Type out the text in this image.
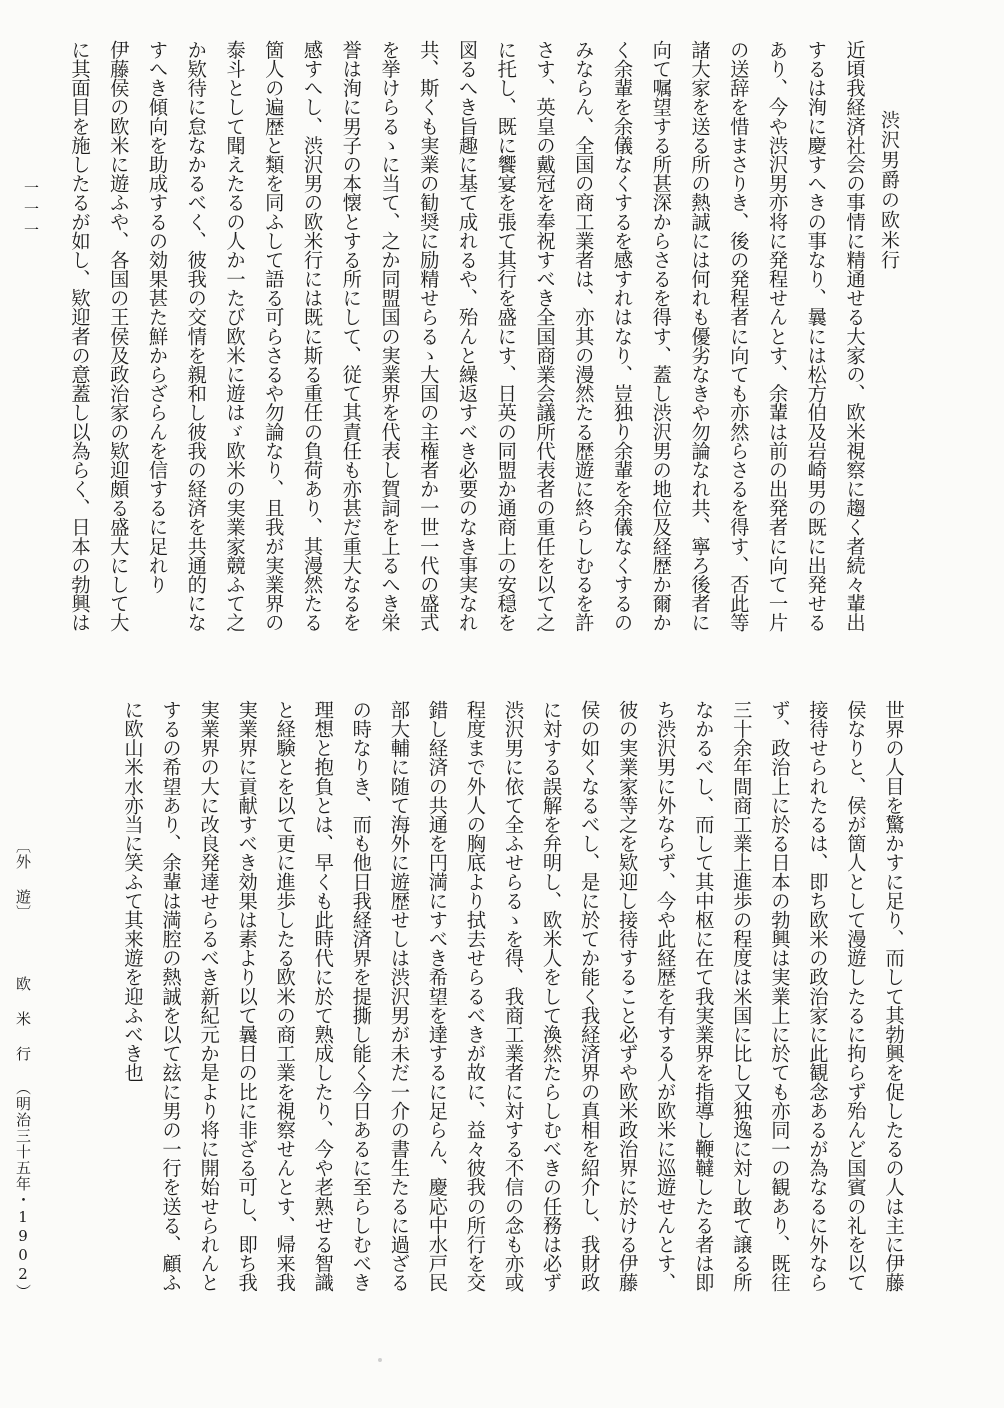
渋沢男爵の欧米行
近頃我経済社会の事情に精通せる大家の、欧米視察に趨く者続々輩出
するは洵に慶すへきの事なり、曩には松方伯及岩崎男の既に出発せる
あり、今や渋沢男亦将に発程せんとす、余輩は前の出発者に向て一片
の送辞を惜まさりき、後の発程者に向ても亦然らさるを得す、否此等
諸大家を送る所の熱誠には何れも優劣なきや勿論なれ共、寧ろ後者に
向て嘱望する所甚深からさるを得す、蓋し渋沢男の地位及経歴か爾か
く余輩を余儀なくするを感すれはなり、豈独り余輩を余儀なくするの
みならん、全国の商工業者は、亦其の漫然たる歴遊に終らしむるを許
さす、英皇の戴冠を奉祝すべき全国商業会議所代表者の重任を以て之
に托し、既に饗宴を張て其行を盛にす、日英の同盟か通商上の安穏を
図るへき旨趣に基て成れるや、殆んと繰返すべき必要のなき事実なれ
共、斯くも実業の勧奨に励精せらるゝ大国の主権者か一世一代の盛式
を挙けらるゝに当て、之か同盟国の実業界を代表し賀詞を上るへき栄
誉は洵に男子の本懐とする所にして、従て其責任も亦甚だ重大なるを
感すへし、渋沢男の欧米行には既に斯る重任の負荷あり、其漫然たる
箇人の遍歴と類を同ふして語る可らさるや勿論なり、且我が実業界の
泰斗として聞えたるの人か一たび欧米に遊はゞ欧米の実業家競ふて之
か欵待に怠なかるべく、彼我の交情を親和し彼我の経済を共通的にな
すへき傾向を助成するの効果甚た鮮からざらんを信するに足れり
伊藤侯の欧米に遊ふや、各国の王侯及政治家の欵迎頗る盛大にして大
に其面目を施したるが如し、欵迎者の意蓋し以為らく、日本の勃興は
世界の人目を驚かすに足り、而して其勃興を促したるの人は主に伊藤
侯なりと、侯が箇人として漫遊したるに拘らず殆んど国賓の礼を以て
接待せられたるは、即ち欧米の政治家に此観念あるが為なるに外なら
ず、政治上に於る日本の勃興は実業上に於ても亦同一の観あり、既往
三十余年間商工業上進歩の程度は米国に比し又独逸に対し敢て譲る所
なかるべし、而して其中枢に在て我実業界を指導し鞭韃したる者は即
ち渋沢男に外ならず、今や此経歴を有する人が欧米に巡遊せんとす、
彼の実業家等之を欵迎し接待すること必ずや欧米政治界に於ける伊藤
侯の如くなるべし、是に於てか能く我経済界の真相を紹介し、我財政
に対する誤解を弁明し、欧米人をして渙然たらしむべきの任務は必ず
渋沢男に依て全ふせらるゝを得、我商工業者に対する不信の念も亦或
程度まで外人の胸底より拭去せらるべきが故に、益々彼我の所行を交
錯し経済の共通を円満にすべき希望を達するに足らん、慶応中水戸民
部大輔に随て海外に遊歴せしは渋沢男が未だ一介の書生たるに過ざる
の時なりき、而も他日我経済界を提撕し能く今日あるに至らしむべき
理想と抱負とは、早くも此時代に於て熟成したり、今や老熟せる智識
と経験とを以て更に進歩したる欧米の商工業を視察せんとす、帰来我
実業界に貢献すべき効果は素より以て曩日の比に非ざる可し、即ち我
実業界の大に改良発達せらるべき新紀元か是より将に開始せられんと
するの希望あり、余輩は満腔の熱誠を以て玆に男の一行を送る、顧ふ
に欧山米水亦当に笑ふて其来遊を迎ふべき也
〔外 遊〕
欧 米 行
（明治三十五年・1902）
一一一
